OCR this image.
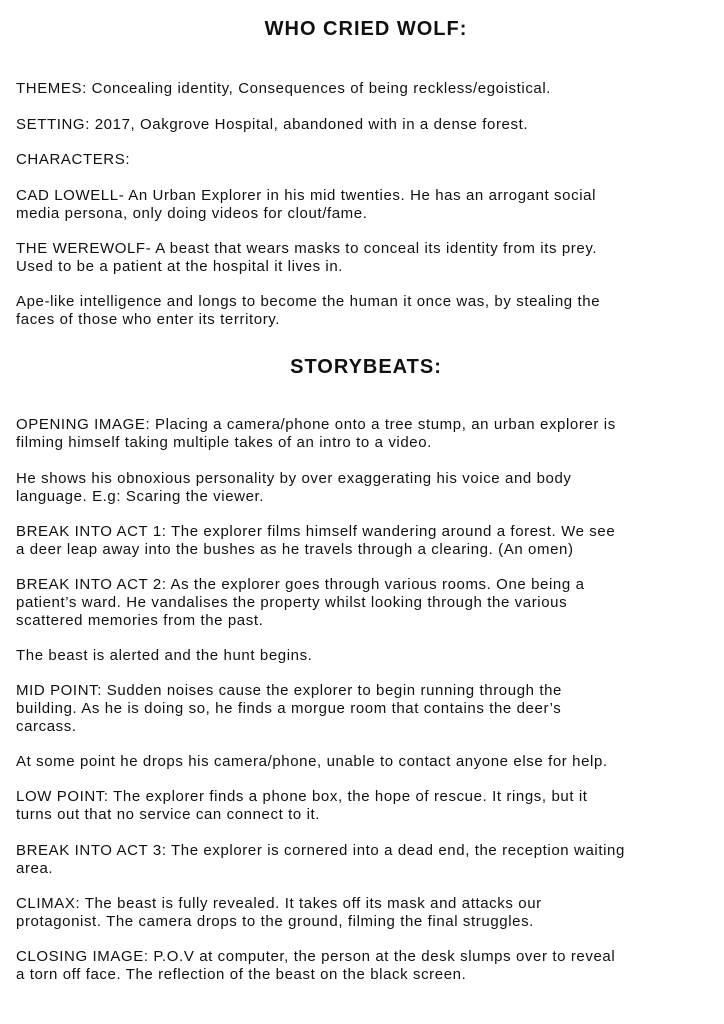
WHO CRIED WOLF:

THEMES: Concealing identity, Consequences of being reckless/egoistical.

SETTING: 2017, Oakgrove Hospital, abandoned with in a dense forest.

CHARACTERS:

CAD LOWELL- An Urban Explorer in his mid twenties. He has an arrogant social
media persona, only doing videos for clout/fame.

THE WEREWOLF- A beast that wears masks to conceal its identity from its prey.
Used to be a patient at the hospital it lives in.

Ape-like intelligence and longs to become the human it once was, by stealing the
faces of those who enter its territory.

STORYBEATS:

OPENING IMAGE: Placing a camera/phone onto a tree stump, an urban explorer is
filming himself taking multiple takes of an intro to a video.

He shows his obnoxious personality by over exaggerating his voice and body
language. E.g: Scaring the viewer.

BREAK INTO ACT 1: The explorer films himself wandering around a forest. We see
a deer leap away into the bushes as he travels through a clearing. (An omen)

BREAK INTO ACT 2: As the explorer goes through various rooms. One being a
patient’s ward. He vandalises the property whilst looking through the various
scattered memories from the past.

The beast is alerted and the hunt begins.

MID POINT: Sudden noises cause the explorer to begin running through the
building. As he is doing so, he finds a morgue room that contains the deer’s
carcass.

At some point he drops his camera/phone, unable to contact anyone else for help.

LOW POINT: The explorer finds a phone box, the hope of rescue. It rings, but it
turns out that no service can connect to it.

BREAK INTO ACT 3: The explorer is cornered into a dead end, the reception waiting
area.

CLIMAX: The beast is fully revealed. It takes off its mask and attacks our
protagonist. The camera drops to the ground, filming the final struggles.

CLOSING IMAGE: P.O.V at computer, the person at the desk slumps over to reveal
a torn off face. The reflection of the beast on the black screen.
